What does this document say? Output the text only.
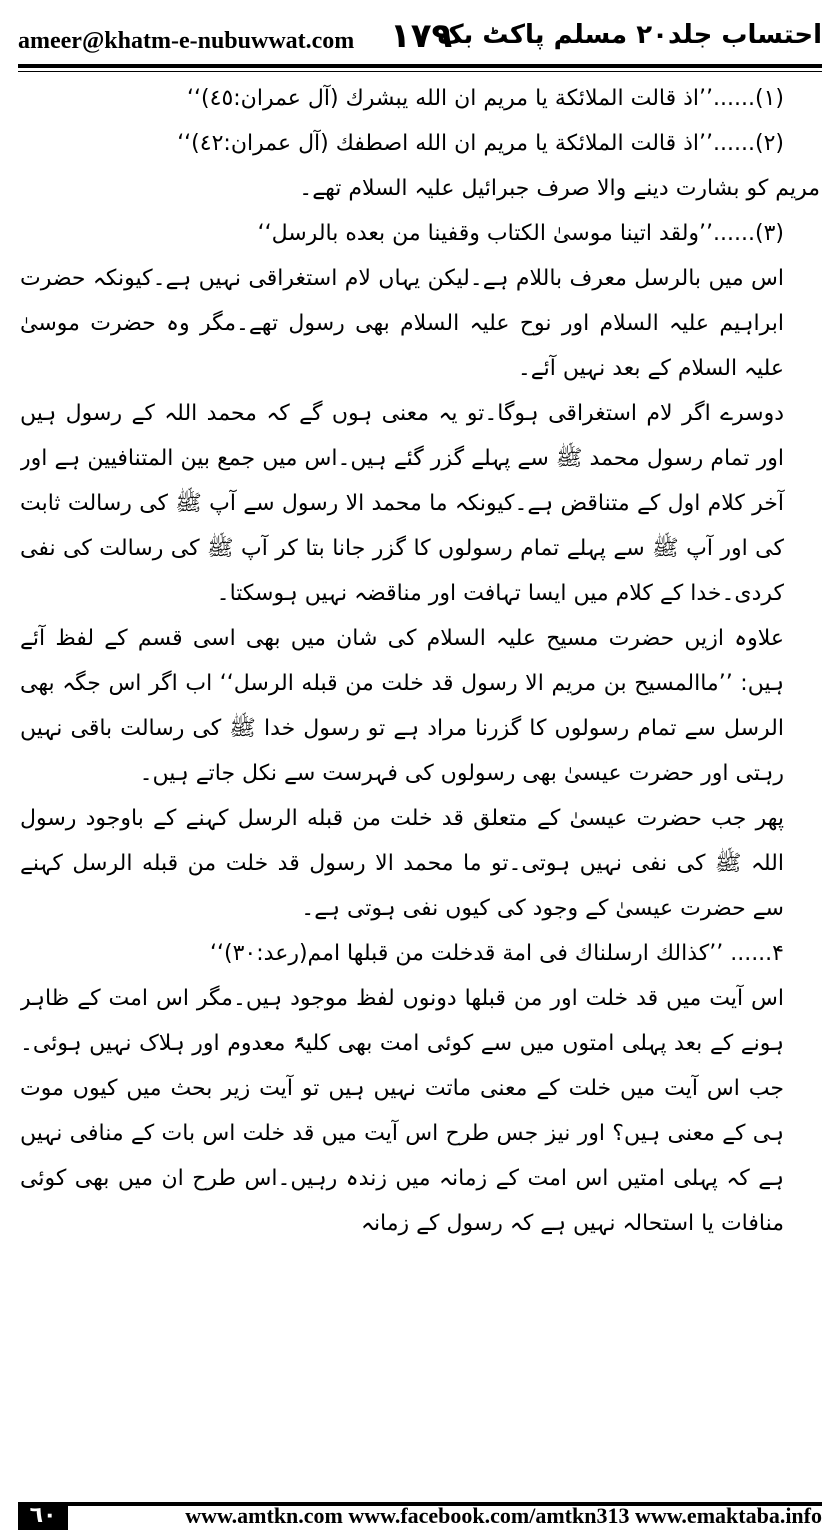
ameer@khatm-e-nubuwwat.com ۱۷۹
احتساب جلد۲۰ مسلم پاکٹ بک

(۱)......’’اذ قالت الملائكة يا مريم ان الله يبشرك (آل عمران:٤٥)‘‘

(۲)......’’اذ قالت الملائكة يا مريم ان الله اصطفك (آل عمران:٤٢)‘‘

مریم کو بشارت دینے والا صرف جبرائیل علیہ السلام تھے۔

(۳)......’’ولقد اتينا موسىٰ الكتاب وقفينا من بعده بالرسل‘‘

اس میں بالرسل معرف باللام ہے۔لیکن یہاں لام استغراقی نہیں ہے۔کیونکہ حضرت ابراہیم علیہ السلام اور نوح علیہ السلام بھی رسول تھے۔مگر وہ حضرت موسیٰ علیہ السلام کے بعد نہیں آئے۔

دوسرے اگر لام استغراقی ہوگا۔تو یہ معنی ہوں گے کہ محمد اللہ کے رسول ہیں اور تمام رسول محمد ﷺ سے پہلے گزر گئے ہیں۔اس میں جمع بین المتنافیین ہے اور آخر کلام اول کے متناقض ہے۔کیونکہ ما محمد الا رسول سے آپ ﷺ کی رسالت ثابت کی اور آپ ﷺ سے پہلے تمام رسولوں کا گزر جانا بتا کر آپ ﷺ کی رسالت کی نفی کردی۔خدا کے کلام میں ایسا تہافت اور مناقضہ نہیں ہوسکتا۔

علاوہ ازیں حضرت مسیح علیہ السلام کی شان میں بھی اسی قسم کے لفظ آئے ہیں: ’’ماالمسيح بن مريم الا رسول قد خلت من قبله الرسل‘‘ اب اگر اس جگہ بھی الرسل سے تمام رسولوں کا گزرنا مراد ہے تو رسول خدا ﷺ کی رسالت باقی نہیں رہتی اور حضرت عیسیٰ بھی رسولوں کی فہرست سے نکل جاتے ہیں۔

پھر جب حضرت عیسیٰ کے متعلق قد خلت من قبله الرسل کہنے کے باوجود رسول اللہ ﷺ کی نفی نہیں ہوتی۔تو ما محمد الا رسول قد خلت من قبله الرسل کہنے سے حضرت عیسیٰ کے وجود کی کیوں نفی ہوتی ہے۔

۴...... ’’كذالك ارسلناك فى امة قدخلت من قبلها امم(رعد:٣٠)‘‘

اس آیت میں قد خلت اور من قبلها دونوں لفظ موجود ہیں۔مگر اس امت کے ظاہر ہونے کے بعد پہلی امتوں میں سے کوئی امت بھی کلیۃً معدوم اور ہلاک نہیں ہوئی۔جب اس آیت میں خلت کے معنی ماتت نہیں ہیں تو آیت زیر بحث میں کیوں موت ہی کے معنی ہیں؟ اور نیز جس طرح اس آیت میں قد خلت اس بات کے منافی نہیں ہے کہ پہلی امتیں اس امت کے زمانہ میں زندہ رہیں۔اس طرح ان میں بھی کوئی منافات یا استحالہ نہیں ہے کہ رسول کے زمانہ

٦٠	www.amtkn.com www.facebook.com/amtkn313 www.emaktaba.info
